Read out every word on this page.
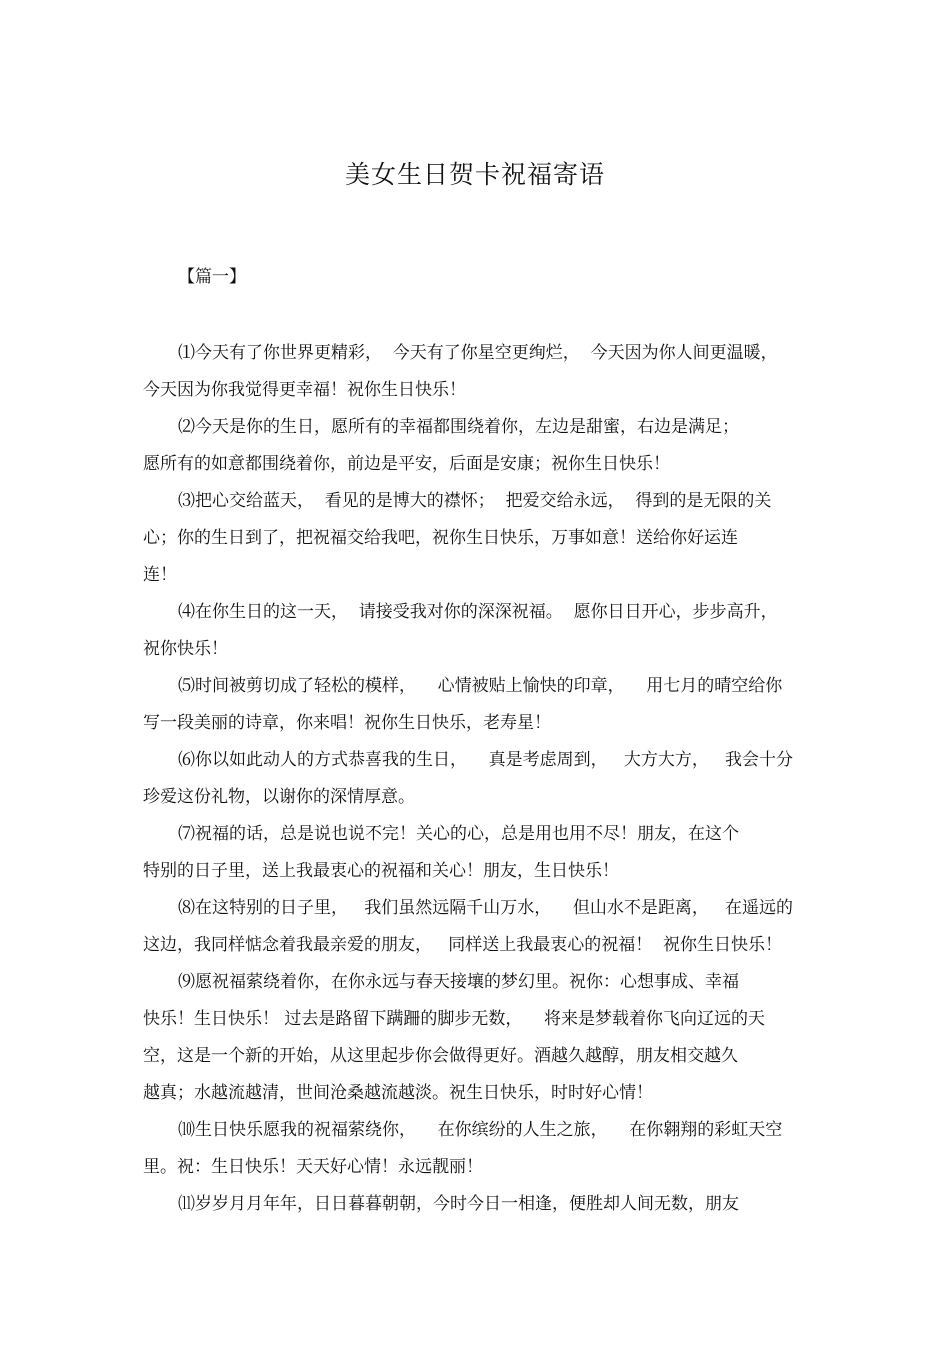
美女生日贺卡祝福寄语
【篇一】
⑴今天有了你世界更精彩，  今天有了你星空更绚烂，  今天因为你人间更温暖，
今天因为你我觉得更幸福！祝你生日快乐！
⑵今天是你的生日，愿所有的幸福都围绕着你，左边是甜蜜，右边是满足；
愿所有的如意都围绕着你，前边是平安，后面是安康；祝你生日快乐！
⑶把心交给蓝天，  看见的是博大的襟怀；  把爱交给永远，  得到的是无限的关
心；你的生日到了，把祝福交给我吧，祝你生日快乐，万事如意！送给你好运连
连！
⑷在你生日的这一天，  请接受我对你的深深祝福。  愿你日日开心，步步高升，
祝你快乐！
⑸时间被剪切成了轻松的模样，    心情被贴上愉快的印章，    用七月的晴空给你
写一段美丽的诗章，你来唱！祝你生日快乐，老寿星！
⑹你以如此动人的方式恭喜我的生日，    真是考虑周到，   大方大方，   我会十分
珍爱这份礼物，以谢你的深情厚意。
⑺祝福的话，总是说也说不完！关心的心，总是用也用不尽！朋友，在这个
特别的日子里，送上我最衷心的祝福和关心！朋友，生日快乐！
⑻在这特别的日子里，   我们虽然远隔千山万水，    但山水不是距离，   在遥远的
这边，我同样惦念着我最亲爱的朋友，   同样送上我最衷心的祝福！  祝你生日快乐！
⑼愿祝福萦绕着你，在你永远与春天接壤的梦幻里。祝你：心想事成、幸福
快乐！生日快乐！ 过去是路留下蹒跚的脚步无数，    将来是梦载着你飞向辽远的天
空，这是一个新的开始，从这里起步你会做得更好。酒越久越醇，朋友相交越久
越真；水越流越清，世间沧桑越流越淡。祝生日快乐，时时好心情！
⑽生日快乐愿我的祝福萦绕你，    在你缤纷的人生之旅，    在你翱翔的彩虹天空
里。祝：生日快乐！天天好心情！永远靓丽！
⑾岁岁月月年年，日日暮暮朝朝，今时今日一相逢，便胜却人间无数，朋友
